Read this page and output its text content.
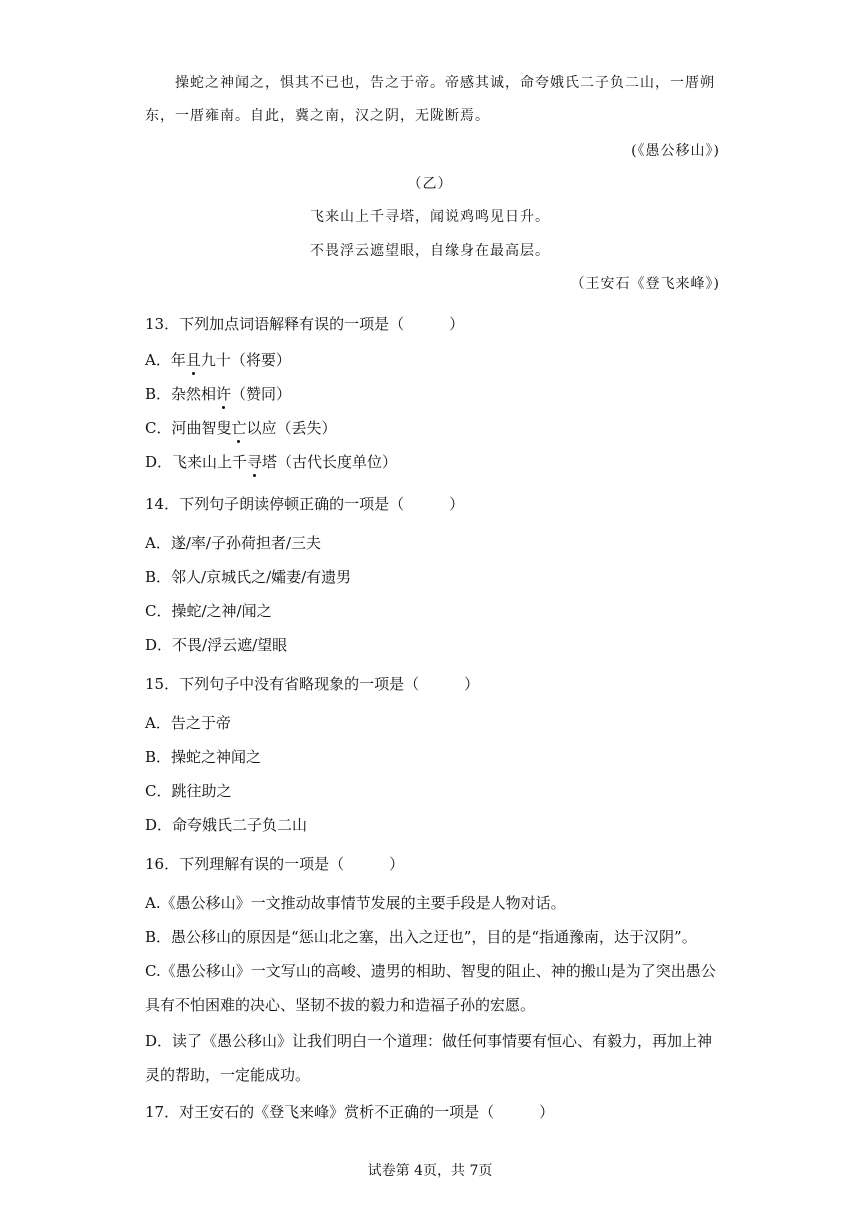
操蛇之神闻之，惧其不已也，告之于帝。帝感其诚，命夸娥氏二子负二山，一厝朔
东，一厝雍南。自此，冀之南，汉之阴，无陇断焉。
(《愚公移山》)
（乙）
飞来山上千寻塔，闻说鸡鸣见日升。
不畏浮云遮望眼，自缘身在最高层。
（王安石《登飞来峰》)
13．下列加点词语解释有误的一项是（　　　）
A．年且九十（将要）
B．杂然相许（赞同）
C．河曲智叟亡以应（丢失）
D．飞来山上千寻塔（古代长度单位）
14．下列句子朗读停顿正确的一项是（　　　）
A．遂/率/子孙荷担者/三夫
B．邻人/京城氏之/孀妻/有遗男
C．操蛇/之神/闻之
D．不畏/浮云遮/望眼
15．下列句子中没有省略现象的一项是（　　　）
A．告之于帝
B．操蛇之神闻之
C．跳往助之
D．命夸娥氏二子负二山
16．下列理解有误的一项是（　　　）
A.《愚公移山》一文推动故事情节发展的主要手段是人物对话。
B．愚公移山的原因是“惩山北之塞，出入之迂也”，目的是“指通豫南，达于汉阴”。
C.《愚公移山》一文写山的高峻、遗男的相助、智叟的阻止、神的搬山是为了突出愚公
具有不怕困难的决心、坚韧不拔的毅力和造福子孙的宏愿。
D．读了《愚公移山》让我们明白一个道理：做任何事情要有恒心、有毅力，再加上神
灵的帮助，一定能成功。
17．对王安石的《登飞来峰》赏析不正确的一项是（　　　）
试卷第 4页，共 7页
